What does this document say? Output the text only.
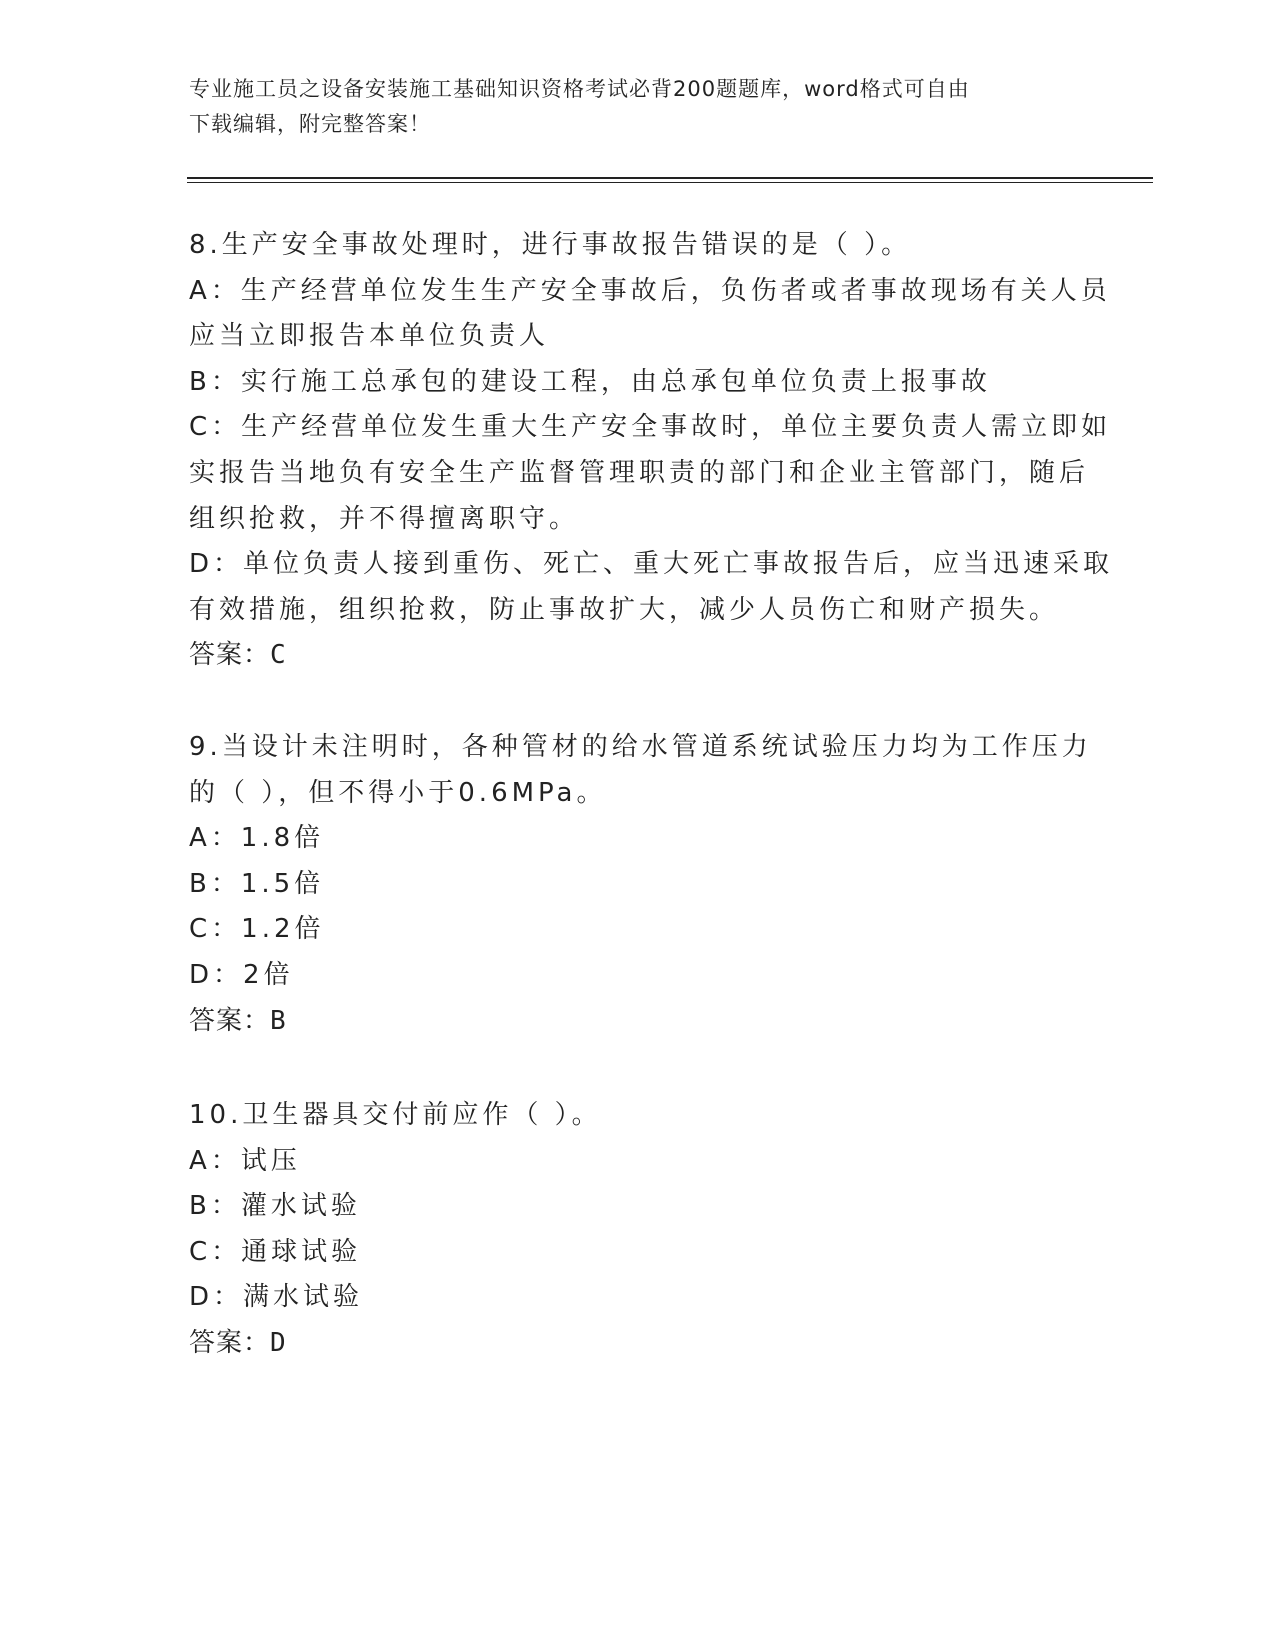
专业施工员之设备安装施工基础知识资格考试必背200题题库，word格式可自由
下载编辑，附完整答案！
8.生产安全事故处理时，进行事故报告错误的是（ ）。
A：生产经营单位发生生产安全事故后，负伤者或者事故现场有关人员
应当立即报告本单位负责人
B：实行施工总承包的建设工程，由总承包单位负责上报事故
C：生产经营单位发生重大生产安全事故时，单位主要负责人需立即如
实报告当地负有安全生产监督管理职责的部门和企业主管部门，随后
组织抢救，并不得擅离职守。
D：单位负责人接到重伤、死亡、重大死亡事故报告后，应当迅速采取
有效措施，组织抢救，防止事故扩大，减少人员伤亡和财产损失。
答案：C
9.当设计未注明时，各种管材的给水管道系统试验压力均为工作压力
的（ ），但不得小于0.6MPa。
A：1.8倍
B：1.5倍
C：1.2倍
D：2倍
答案：B
10.卫生器具交付前应作（ ）。
A：试压
B：灌水试验
C：通球试验
D：满水试验
答案：D
